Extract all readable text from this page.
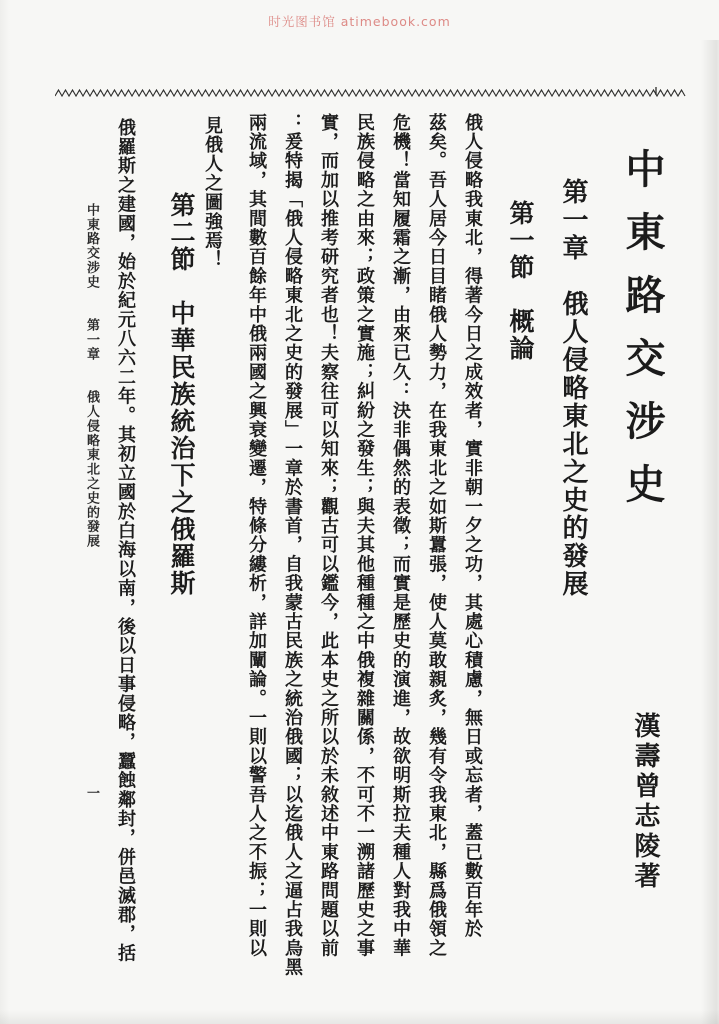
时光图书馆 atimebook.com
中東路交涉史
漢壽曾志陵著
第一章　俄人侵略東北之史的發展
第一節　概論
俄人侵略我東北，得著今日之成效者，實非朝一夕之功，其處心積慮，無日或忘者，蓋已數百年於
茲矣。吾人居今日目睹俄人勢力，在我東北之如斯囂張，使人莫敢親炙，幾有令我東北，縣爲俄領之
危機！當知履霜之漸，由來已久：決非偶然的表徵；而實是歷史的演進，故欲明斯拉夫種人對我中華
民族侵略之由來；政策之實施；糾紛之發生；與夫其他種種之中俄複雜關係，不可不一溯諸歷史之事
實，而加以推考研究者也！夫察往可以知來；觀古可以鑑今，此本史之所以於未敘述中東路問題以前
：爰特揭「俄人侵略東北之史的發展」一章於書首，自我蒙古民族之統治俄國；以迄俄人之逼占我烏黑
兩流域，其間數百餘年中俄兩國之興衰變遷，特條分縷析，詳加闡論。一則以警吾人之不振；一則以
見俄人之圖強焉！
第二節　中華民族統治下之俄羅斯
俄羅斯之建國，始於紀元八六二年。其初立國於白海以南，後以日事侵略，蠶蝕鄰封，併邑滅郡，括
中東路交涉史　　第一章　　俄人侵略東北之史的發展
一
